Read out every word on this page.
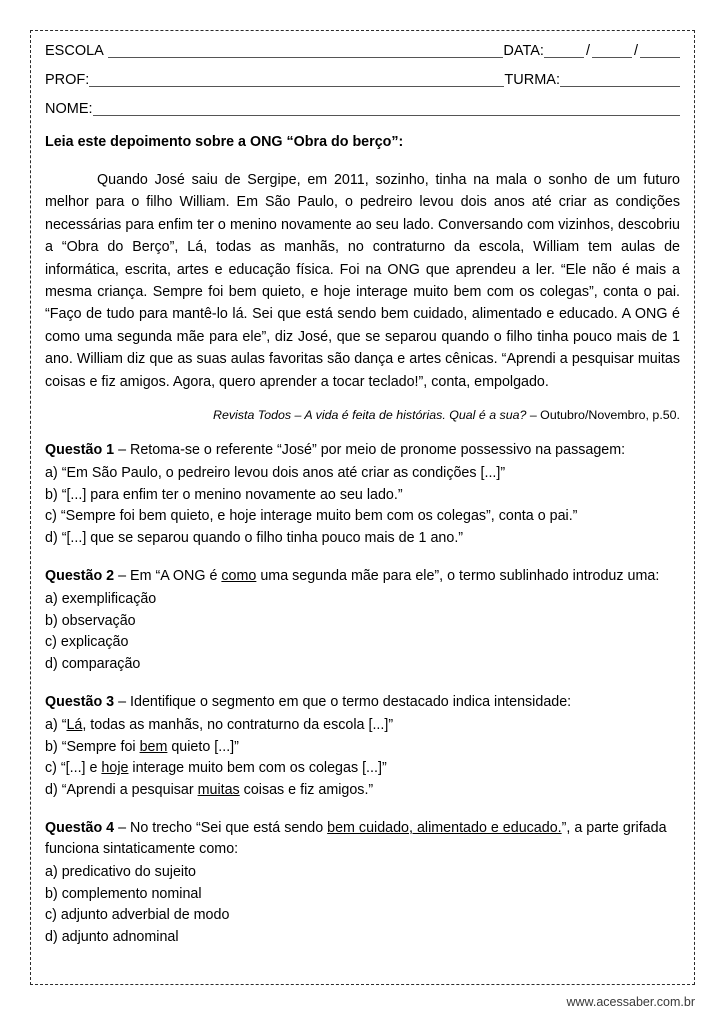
ESCOLA	DATA:	/	/
PROF:	TURMA:
NOME:

Leia este depoimento sobre a ONG “Obra do berço”:

Quando José saiu de Sergipe, em 2011, sozinho, tinha na mala o sonho de um futuro melhor para o filho William. Em São Paulo, o pedreiro levou dois anos até criar as condições necessárias para enfim ter o menino novamente ao seu lado. Conversando com vizinhos, descobriu a “Obra do Berço”, Lá, todas as manhãs, no contraturno da escola, William tem aulas de informática, escrita, artes e educação física. Foi na ONG que aprendeu a ler. “Ele não é mais a mesma criança. Sempre foi bem quieto, e hoje interage muito bem com os colegas”, conta o pai. “Faço de tudo para mantê-lo lá. Sei que está sendo bem cuidado, alimentado e educado. A ONG é como uma segunda mãe para ele”, diz José, que se separou quando o filho tinha pouco mais de 1 ano. William diz que as suas aulas favoritas são dança e artes cênicas. “Aprendi a pesquisar muitas coisas e fiz amigos. Agora, quero aprender a tocar teclado!”, conta, empolgado.

Revista Todos – A vida é feita de histórias. Qual é a sua? – Outubro/Novembro, p.50.

Questão 1 – Retoma-se o referente “José” por meio de pronome possessivo na passagem:

a) “Em São Paulo, o pedreiro levou dois anos até criar as condições [...]”

b) “[...] para enfim ter o menino novamente ao seu lado.”

c) “Sempre foi bem quieto, e hoje interage muito bem com os colegas”, conta o pai.”

d) “[...] que se separou quando o filho tinha pouco mais de 1 ano.”

Questão 2 – Em “A ONG é como uma segunda mãe para ele”, o termo sublinhado introduz uma:

a) exemplificação

b) observação

c) explicação

d) comparação

Questão 3 – Identifique o segmento em que o termo destacado indica intensidade:

a) “Lá, todas as manhãs, no contraturno da escola [...]”

b) “Sempre foi bem quieto [...]”

c) “[...] e hoje interage muito bem com os colegas [...]”

d) “Aprendi a pesquisar muitas coisas e fiz amigos.”

Questão 4 – No trecho “Sei que está sendo bem cuidado, alimentado e educado.”, a parte grifada funciona sintaticamente como:

a) predicativo do sujeito

b) complemento nominal

c) adjunto adverbial de modo

d) adjunto adnominal

www.acessaber.com.br
